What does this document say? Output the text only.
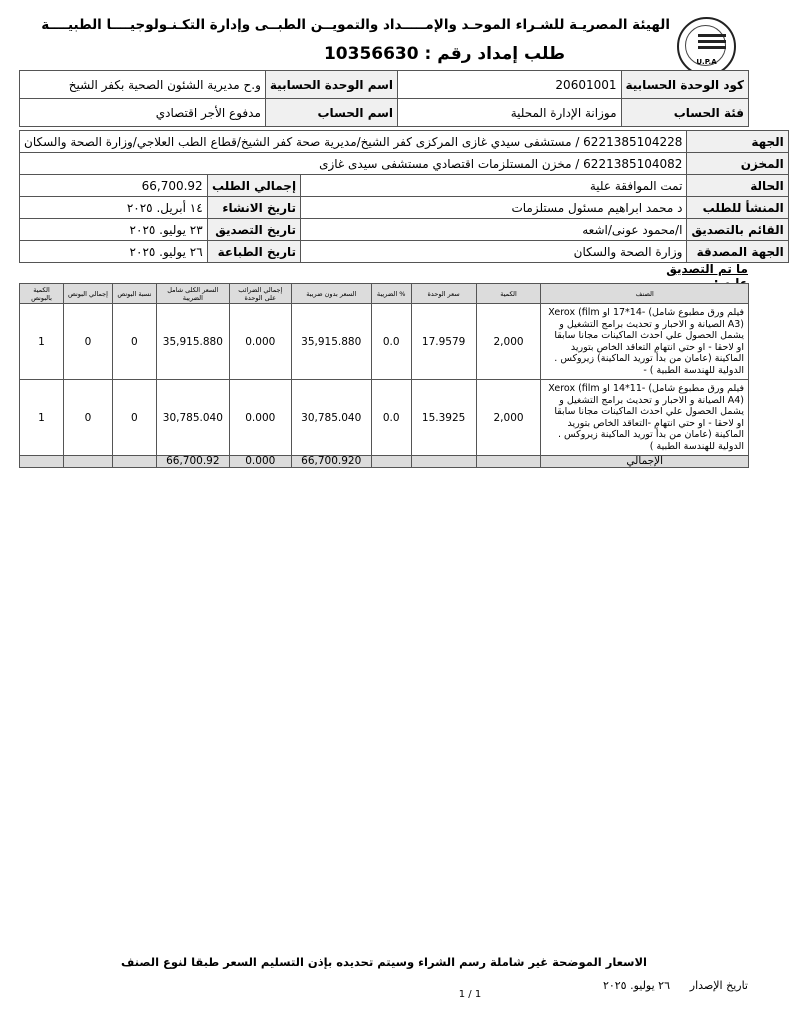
U.P.A
الهيئة المصريـة للشـراء الموحـد والإمـــــداد والتمويــن الطبــى وإدارة التكـنـولوجيــــا الطبيــــة
طلب إمداد رقم : 10356630
كود الوحدة الحسابية	20601001	اسم الوحدة الحسابية	و.ح مديرية الشئون الصحية بكفر الشيخ
فئة الحساب	موزانة الإدارة المحلية	اسم الحساب	مدفوع الأجر اقتصادي
الجهة	6221385104228 / مستشفى سيدي غازى المركزى كفر الشيخ/مديرية صحة كفر الشيخ/قطاع الطب العلاجي/وزارة الصحة والسكان		
المخزن	6221385104082 / مخزن المستلزمات اقتصادي مستشفى سيدى غازى		
الحالة	تمت الموافقة علية	إجمالي الطلب	66,700.92
المنشأ للطلب	د محمد ابراهيم مسئول مستلزمات	تاريخ الانشاء	١٤ أبريل. ٢٠٢٥
القائم بالتصديق	ا/محمود عونى/اشعه	تاريخ التصديق	٢٣ يوليو. ٢٠٢٥
الجهة المصدقة	وزارة الصحة والسكان	تاريخ الطباعة	٢٦ يوليو. ٢٠٢٥
ما تم التصديق
الصنف	الكمية	سعر الوحدة	% الضريبة	السعر بدون ضريبة	إجمالي الضرائب على الوحدة	السعر الكلى شامل الضريبة	نسبة البونص	إجمالي البونص	الكمية بالبونص
فيلم ورق مطبوع شامل) -14*17 او Xerox (film A3) الصيانة و الاحبار و تحديث برامج التشغيل و يشمل الحصول علي احدث الماكينات مجانا سابقا او لاحقا - او حتي انتهام التعاقد الخاص بتوريد الماكينة (عامان من بدأ توريد الماكينة) زيروكس . الدولية للهندسة الطبية ) -	2,000	17.9579	0.0	35,915.880	0.000	35,915.880	0	0	1
فيلم ورق مطبوع شامل) -11*14 او Xerox (film A4) الصيانة و الاحبار و تحديث برامج التشغيل و يشمل الحصول علي احدث الماكينات مجانا سابقا او لاحقا - او حتي انتهام -التعاقد الخاص بتوريد الماكينة (عامان من بدأ توريد الماكينة زيروكس . الدولية للهندسة الطبية )	2,000	15.3925	0.0	30,785.040	0.000	30,785.040	0	0	1
الإجمالي				66,700.920	0.000	66,700.92			
الاسعار الموضحة غير شاملة رسم الشراء وسيتم تحديده بإذن التسليم السعر طبقا لنوع الصنف
تاريخ الإصدار
٢٦ يوليو. ٢٠٢٥
1 / 1
